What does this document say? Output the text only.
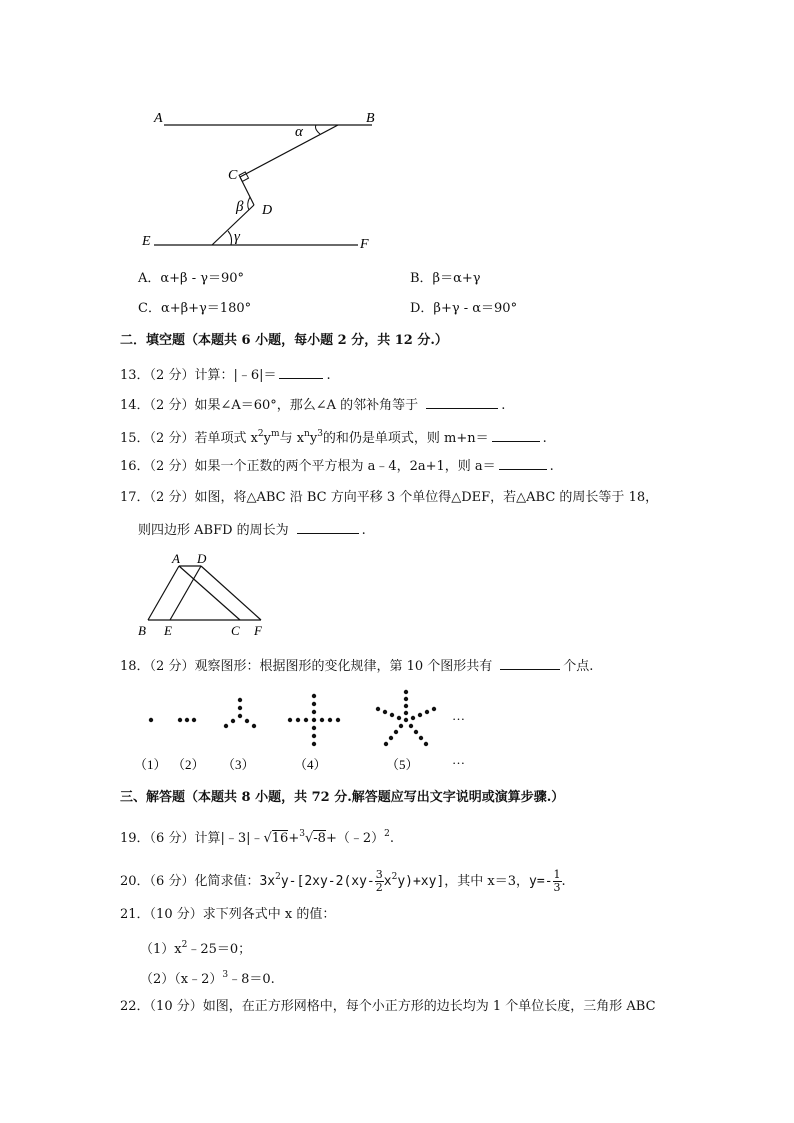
A	B
C
D
E	F
α
β
γ
A．α+β - γ＝90°	B．β＝α+γ
C．α+β+γ＝180°	D．β+γ - α＝90°
二．填空题（本题共 6 小题，每小题 2 分，共 12 分.）
13．（2 分）计算：|﹣6|＝	.
14．（2 分）如果∠A＝60°，那么∠A 的邻补角等于	.
15．（2 分）若单项式 $x^2y^m$与 $x^ny^3$的和仍是单项式，则 m+n＝	.
16．（2 分）如果一个正数的两个平方根为 a﹣4，2a+1，则 a＝	.
17．（2 分）如图，将△ABC 沿 BC 方向平移 3 个单位得△DEF，若△ABC 的周长等于 18，
则四边形 ABFD 的周长为	.
A D
B E	C F
18．（2 分）观察图形：根据图形的变化规律，第 10 个图形共有	个点.
…
…
（1） （2） （3）	（4）	（5）
三、解答题（本题共 8 小题，共 72 分.解答题应写出文字说明或演算步骤.）
19．（6 分）计算|﹣3|﹣√16+$^3$√-8+（﹣2）$^2$.
20．（6 分）化简求值：$3x^2y-[2xy-2(xy- \frac{3}{2} x^2y)+xy]$，其中 x＝3，$y=- \frac{1}{3}$ .
21．（10 分）求下列各式中 x 的值：
$(1)x^2﹣25=0$；
（2）（x﹣2）$^3$﹣8＝0.
22．（10 分）如图，在正方形网格中，每个小正方形的边长均为 1 个单位长度，三角形 ABC
